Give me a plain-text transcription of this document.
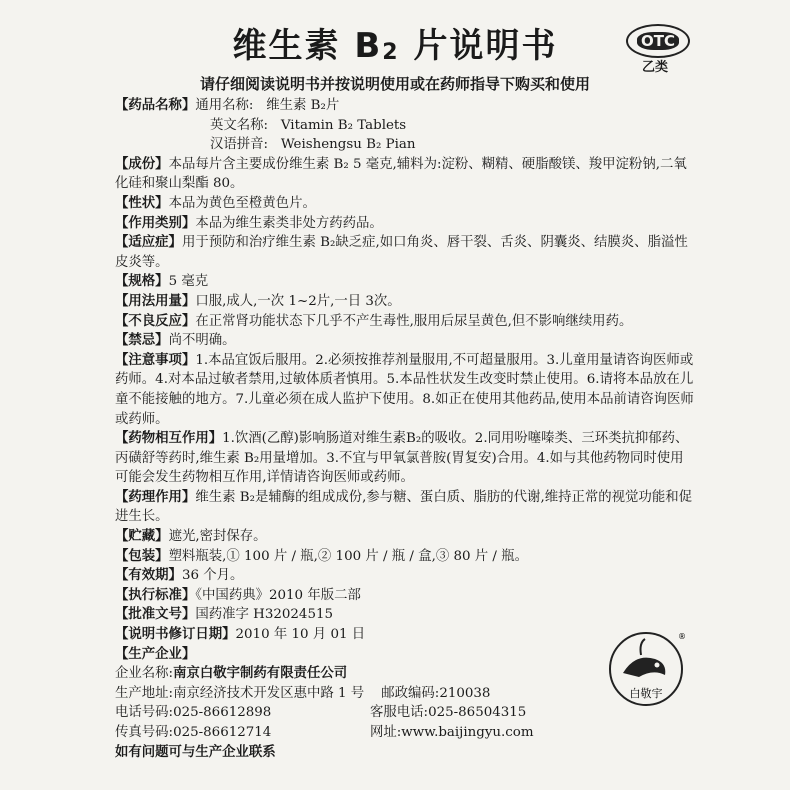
维生素 B2 片说明书	OTC
乙类
请仔细阅读说明书并按说明使用或在药师指导下购买和使用
【药品名称】通用名称: 维生素 B₂片
英文名称: Vitamin B₂ Tablets
汉语拼音: Weishengsu B₂ Pian
【成份】本品每片含主要成份维生素 B₂ 5 毫克,辅料为:淀粉、糊精、硬脂酸镁、羧甲淀粉钠,二氧化硅和聚山梨酯 80。
【性状】本品为黄色至橙黄色片。
【作用类别】本品为维生素类非处方药药品。
【适应症】用于预防和治疗维生素 B₂缺乏症,如口角炎、唇干裂、舌炎、阴囊炎、结膜炎、脂溢性皮炎等。
【规格】5 毫克
【用法用量】口服,成人,一次 1~2片,一日 3次。
【不良反应】在正常肾功能状态下几乎不产生毒性,服用后尿呈黄色,但不影响继续用药。
【禁忌】尚不明确。
【注意事项】1.本品宜饭后服用。2.必须按推荐剂量服用,不可超量服用。3.儿童用量请咨询医师或药师。4.对本品过敏者禁用,过敏体质者慎用。5.本品性状发生改变时禁止使用。6.请将本品放在儿童不能接触的地方。7.儿童必须在成人监护下使用。8.如正在使用其他药品,使用本品前请咨询医师或药师。
【药物相互作用】1.饮酒(乙醇)影响肠道对维生素B₂的吸收。2.同用吩噻嗪类、三环类抗抑郁药、丙磺舒等药时,维生素 B₂用量增加。3.不宜与甲氧氯普胺(胃复安)合用。4.如与其他药物同时使用可能会发生药物相互作用,详情请咨询医师或药师。
【药理作用】维生素 B₂是辅酶的组成成份,参与糖、蛋白质、脂肪的代谢,维持正常的视觉功能和促进生长。
【贮藏】遮光,密封保存。
【包装】塑料瓶装,① 100 片 / 瓶,② 100 片 / 瓶 / 盒,③ 80 片 / 瓶。
【有效期】36 个月。
【执行标准】《中国药典》2010 年版二部
【批准文号】国药准字 H32024515
【说明书修订日期】2010 年 10 月 01 日
【生产企业】
企业名称:南京白敬宇制药有限责任公司
生产地址:南京经济技术开发区惠中路 1 号 邮政编码:210038
电话号码:025-86612898	客服电话:025-86504315
传真号码:025-86612714	网址:www.baijingyu.com
如有问题可与生产企业联系
®
白敬宇
